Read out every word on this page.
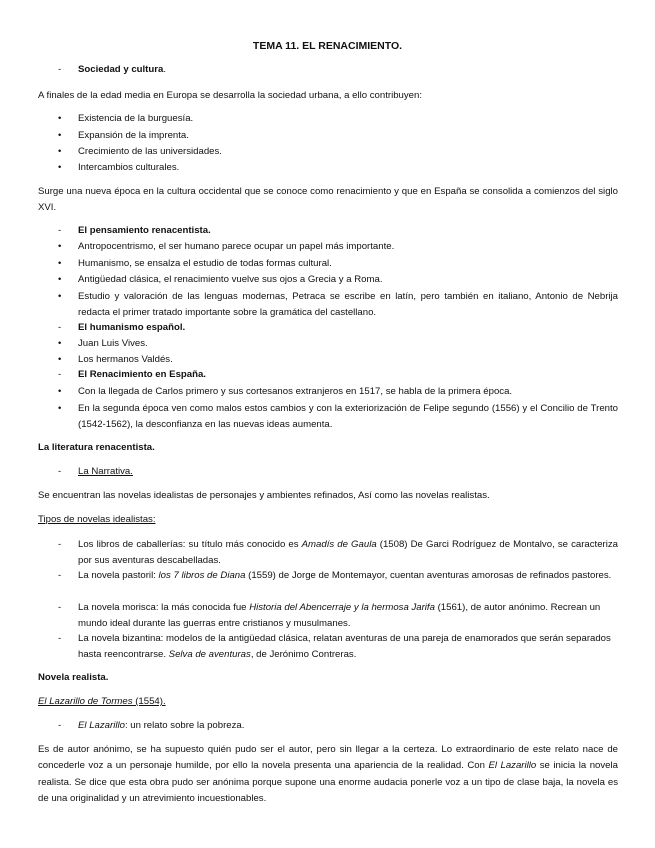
TEMA 11. EL RENACIMIENTO.
-	Sociedad y cultura.
A finales de la edad media en Europa se desarrolla la sociedad urbana, a ello contribuyen:
•	Existencia de la burguesía.
•	Expansión de la imprenta.
•	Crecimiento de las universidades.
•	Intercambios culturales.
Surge una nueva época en la cultura occidental que se conoce como renacimiento y que en España se consolida a comienzos del siglo XVI.
-	El pensamiento renacentista.
•	Antropocentrismo, el ser humano parece ocupar un papel más importante.
•	Humanismo, se ensalza el estudio de todas formas cultural.
•	Antigüedad clásica, el renacimiento vuelve sus ojos a Grecia y a Roma.
•	Estudio y valoración de las lenguas modernas, Petraca se escribe en latín, pero también en italiano, Antonio de Nebrija redacta el primer tratado importante sobre la gramática del castellano.
-	El humanismo español.
•	Juan Luis Vives.
•	Los hermanos Valdés.
-	El Renacimiento en España.
•	Con la llegada de Carlos primero y sus cortesanos extranjeros en 1517, se habla de la primera época.
•	En la segunda época ven como malos estos cambios y con la exteriorización de Felipe segundo (1556) y el Concilio de Trento (1542-1562), la desconfianza en las nuevas ideas aumenta.
La literatura renacentista.
-	La Narrativa.
Se encuentran las novelas idealistas de personajes y ambientes refinados, Así como las novelas realistas.
Tipos de novelas idealistas:
-	Los libros de caballerías: su título más conocido es Amadís de Gaula (1508) De Garci Rodríguez de Montalvo, se caracteriza por sus aventuras descabelladas.
-	La novela pastoril: los 7 libros de Diana (1559) de Jorge de Montemayor, cuentan aventuras amorosas de refinados pastores.
-	La novela morisca: la más conocida fue Historia del Abencerraje y la hermosa Jarifa (1561), de autor anónimo. Recrean un mundo ideal durante las guerras entre cristianos y musulmanes.
-	La novela bizantina: modelos de la antigüedad clásica, relatan aventuras de una pareja de enamorados que serán separados hasta reencontrarse. Selva de aventuras, de Jerónimo Contreras.
Novela realista.
El Lazarillo de Tormes (1554).
-	El Lazarillo: un relato sobre la pobreza.
Es de autor anónimo, se ha supuesto quién pudo ser el autor, pero sin llegar a la certeza. Lo extraordinario de este relato nace de concederle voz a un personaje humilde, por ello la novela presenta una apariencia de la realidad. Con El Lazarillo se inicia la novela realista. Se dice que esta obra pudo ser anónima porque supone una enorme audacia ponerle voz a un tipo de clase baja, la novela es de una originalidad y un atrevimiento incuestionables.
